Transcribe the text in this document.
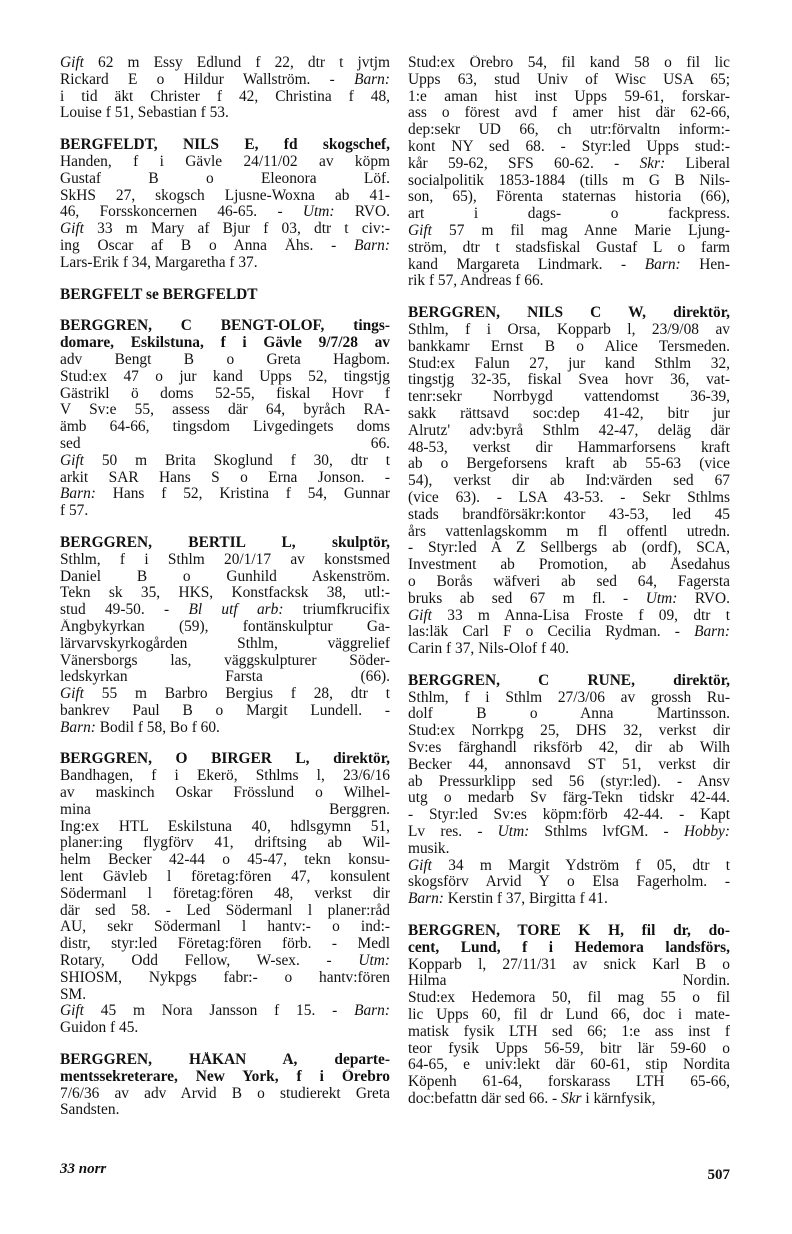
Gift 62 m Essy Edlund f 22, dtr t jvtjm
Rickard E o Hildur Wallström. - Barn:
i tid äkt Christer f 42, Christina f 48,
Louise f 51, Sebastian f 53.
BERGFELDT, NILS E, fd skogschef,
Handen, f i Gävle 24/11/02 av köpm
Gustaf B o Eleonora Löf.
SkHS 27, skogsch Ljusne-Woxna ab 41-
46, Forsskoncernen 46-65. - Utm: RVO.
Gift 33 m Mary af Bjur f 03, dtr t civ:-
ing Oscar af B o Anna Åhs. - Barn:
Lars-Erik f 34, Margaretha f 37.
BERGFELT se BERGFELDT
BERGGREN, C BENGT-OLOF, tings-
domare, Eskilstuna, f i Gävle 9/7/28 av
adv Bengt B o Greta Hagbom.
Stud:ex 47 o jur kand Upps 52, tingstjg
Gästrikl ö doms 52-55, fiskal Hovr f
V Sv:e 55, assess där 64, byråch RA-
ämb 64-66, tingsdom Livgedingets doms
sed 66.
Gift 50 m Brita Skoglund f 30, dtr t
arkit SAR Hans S o Erna Jonson. -
Barn: Hans f 52, Kristina f 54, Gunnar
f 57.
BERGGREN, BERTIL L, skulptör,
Sthlm, f i Sthlm 20/1/17 av konstsmed
Daniel B o Gunhild Askenström.
Tekn sk 35, HKS, Konstfacksk 38, utl:-
stud 49-50. - Bl utf arb: triumfkrucifix
Ängbykyrkan (59), fontänskulptur Ga-
lärvarvskyrkogården Sthlm, väggrelief
Vänersborgs las, väggskulpturer Söder-
ledskyrkan Farsta (66).
Gift 55 m Barbro Bergius f 28, dtr t
bankrev Paul B o Margit Lundell. -
Barn: Bodil f 58, Bo f 60.
BERGGREN, O BIRGER L, direktör,
Bandhagen, f i Ekerö, Sthlms l, 23/6/16
av maskinch Oskar Frösslund o Wilhel-
mina Berggren.
Ing:ex HTL Eskilstuna 40, hdlsgymn 51,
planer:ing flygförv 41, driftsing ab Wil-
helm Becker 42-44 o 45-47, tekn konsu-
lent Gävleb l företag:fören 47, konsulent
Södermanl l företag:fören 48, verkst dir
där sed 58. - Led Södermanl l planer:råd
AU, sekr Södermanl l hantv:- o ind:-
distr, styr:led Företag:fören förb. - Medl
Rotary, Odd Fellow, W-sex. - Utm:
SHIOSM, Nykpgs fabr:- o hantv:fören
SM.
Gift 45 m Nora Jansson f 15. - Barn:
Guidon f 45.
BERGGREN, HÅKAN A, departe-
mentssekreterare, New York, f i Örebro
7/6/36 av adv Arvid B o studierekt Greta
Sandsten.
Stud:ex Örebro 54, fil kand 58 o fil lic
Upps 63, stud Univ of Wisc USA 65;
1:e aman hist inst Upps 59-61, forskar-
ass o förest avd f amer hist där 62-66,
dep:sekr UD 66, ch utr:förvaltn inform:-
kont NY sed 68. - Styr:led Upps stud:-
kår 59-62, SFS 60-62. - Skr: Liberal
socialpolitik 1853-1884 (tills m G B Nils-
son, 65), Förenta staternas historia (66),
art i dags- o fackpress.
Gift 57 m fil mag Anne Marie Ljung-
ström, dtr t stadsfiskal Gustaf L o farm
kand Margareta Lindmark. - Barn: Hen-
rik f 57, Andreas f 66.
BERGGREN, NILS C W, direktör,
Sthlm, f i Orsa, Kopparb l, 23/9/08 av
bankkamr Ernst B o Alice Tersmeden.
Stud:ex Falun 27, jur kand Sthlm 32,
tingstjg 32-35, fiskal Svea hovr 36, vat-
tenr:sekr Norrbygd vattendomst 36-39,
sakk rättsavd soc:dep 41-42, bitr jur
Alrutz' adv:byrå Sthlm 42-47, deläg där
48-53, verkst dir Hammarforsens kraft
ab o Bergeforsens kraft ab 55-63 (vice
54), verkst dir ab Ind:värden sed 67
(vice 63). - LSA 43-53. - Sekr Sthlms
stads brandförsäkr:kontor 43-53, led 45
års vattenlagskomm m fl offentl utredn.
- Styr:led A Z Sellbergs ab (ordf), SCA,
Investment ab Promotion, ab Åsedahus
o Borås wäfveri ab sed 64, Fagersta
bruks ab sed 67 m fl. - Utm: RVO.
Gift 33 m Anna-Lisa Froste f 09, dtr t
las:läk Carl F o Cecilia Rydman. - Barn:
Carin f 37, Nils-Olof f 40.
BERGGREN, C RUNE, direktör,
Sthlm, f i Sthlm 27/3/06 av grossh Ru-
dolf B o Anna Martinsson.
Stud:ex Norrkpg 25, DHS 32, verkst dir
Sv:es färghandl riksförb 42, dir ab Wilh
Becker 44, annonsavd ST 51, verkst dir
ab Pressurklipp sed 56 (styr:led). - Ansv
utg o medarb Sv färg-Tekn tidskr 42-44.
- Styr:led Sv:es köpm:förb 42-44. - Kapt
Lv res. - Utm: Sthlms lvfGM. - Hobby:
musik.
Gift 34 m Margit Ydström f 05, dtr t
skogsförv Arvid Y o Elsa Fagerholm. -
Barn: Kerstin f 37, Birgitta f 41.
BERGGREN, TORE K H, fil dr, do-
cent, Lund, f i Hedemora landsförs,
Kopparb l, 27/11/31 av snick Karl B o
Hilma Nordin.
Stud:ex Hedemora 50, fil mag 55 o fil
lic Upps 60, fil dr Lund 66, doc i mate-
matisk fysik LTH sed 66; 1:e ass inst f
teor fysik Upps 56-59, bitr lär 59-60 o
64-65, e univ:lekt där 60-61, stip Nordita
Köpenh 61-64, forskarass LTH 65-66,
doc:befattn där sed 66. - Skr i kärnfysik,
33 norr	507
